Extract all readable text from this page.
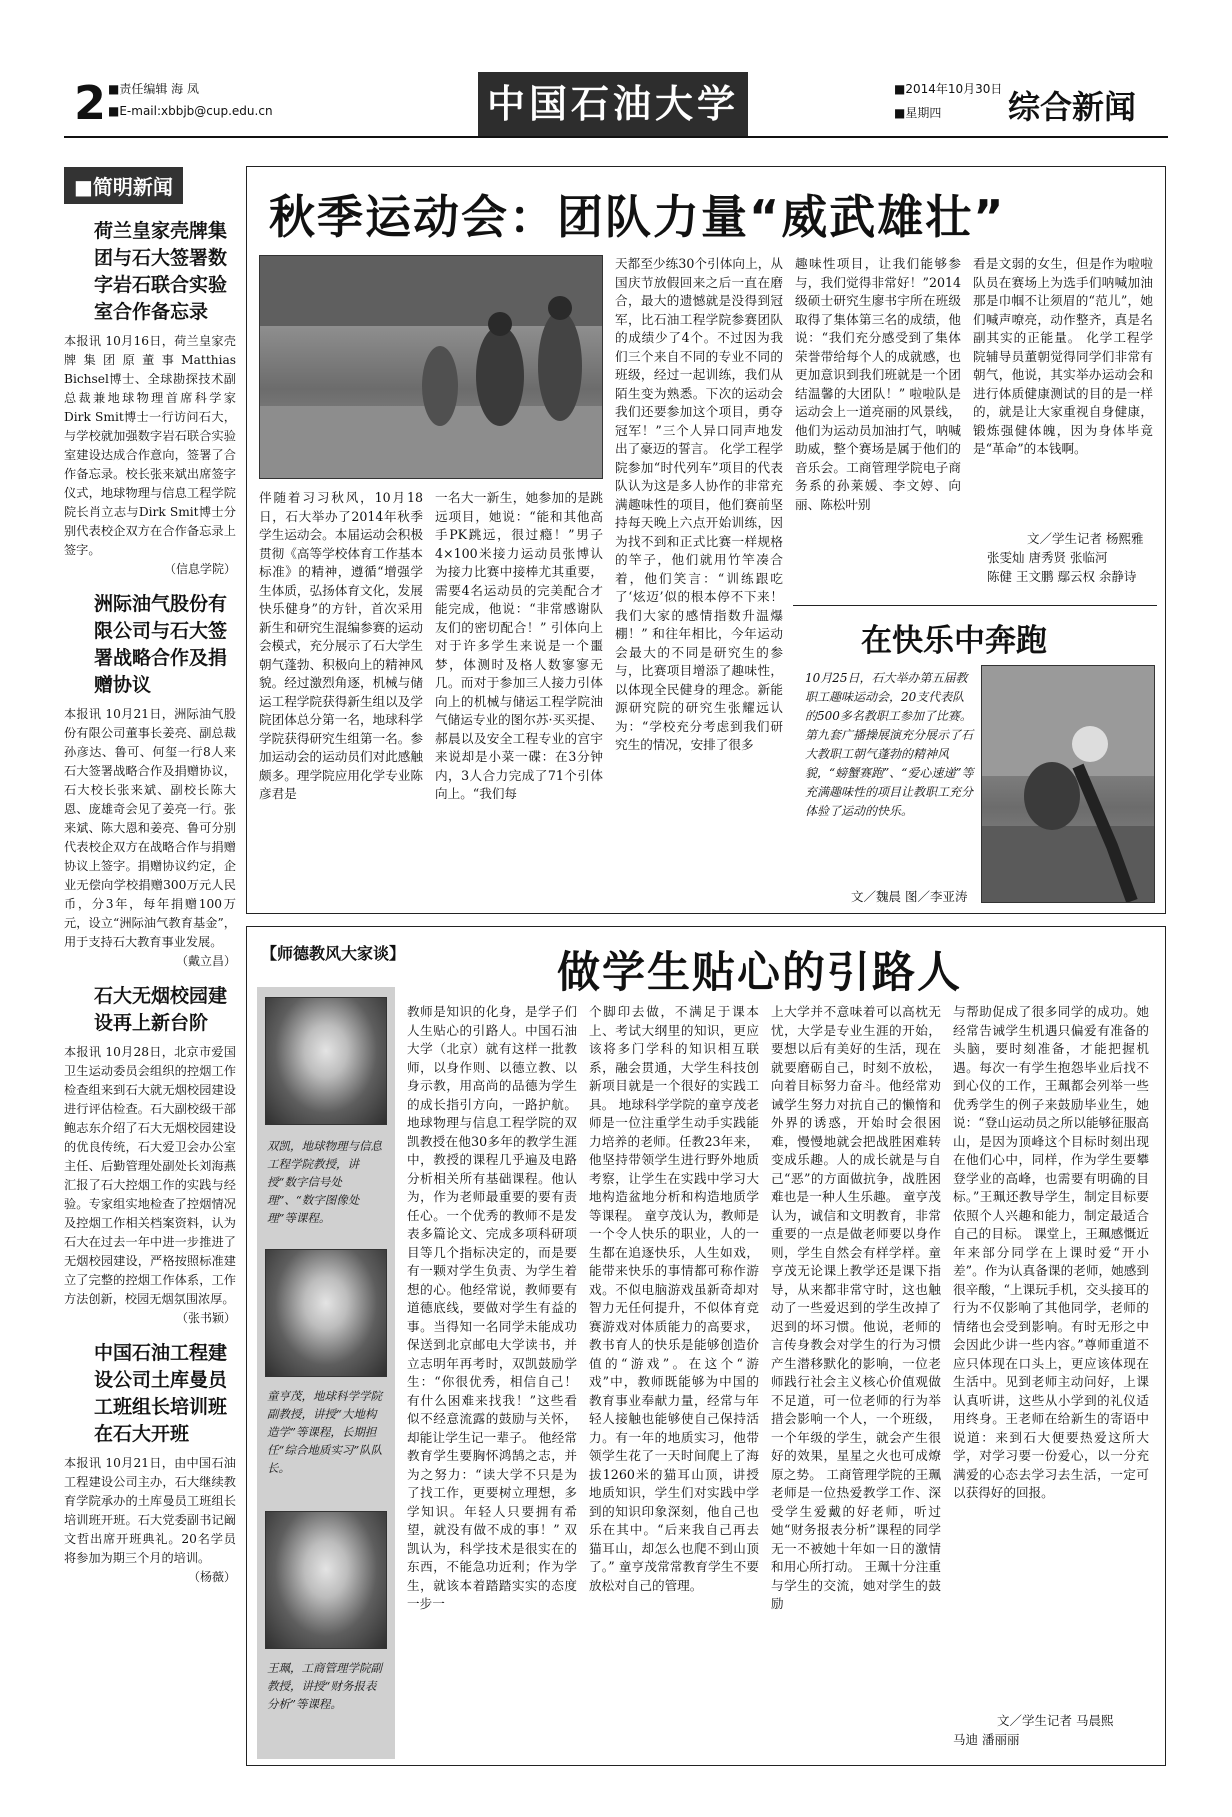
2 ■责任编辑 海 凤
■E-mail:xbbjb@cup.edu.cn	中国石油大学	■2014年10月30日
■星期四 综合新闻
■简明新闻
荷兰皇家壳牌集团与石大签署数字岩石联合实验室合作备忘录
本报讯 10月16日，荷兰皇家壳牌集团原董事Matthias Bichsel博士、全球勘探技术副总裁兼地球物理首席科学家Dirk Smit博士一行访问石大，与学校就加强数字岩石联合实验室建设达成合作意向，签署了合作备忘录。校长张来斌出席签字仪式，地球物理与信息工程学院院长肖立志与Dirk Smit博士分别代表校企双方在合作备忘录上签字。
（信息学院）
洲际油气股份有限公司与石大签署战略合作及捐赠协议
本报讯 10月21日，洲际油气股份有限公司董事长姜亮、副总裁孙彦达、鲁可、何玺一行8人来石大签署战略合作及捐赠协议，石大校长张来斌、副校长陈大恩、庞雄奇会见了姜亮一行。张来斌、陈大恩和姜亮、鲁可分别代表校企双方在战略合作与捐赠协议上签字。捐赠协议约定，企业无偿向学校捐赠300万元人民币，分3年，每年捐赠100万元，设立“洲际油气教育基金”，用于支持石大教育事业发展。
（戴立昌）
石大无烟校园建设再上新台阶
本报讯 10月28日，北京市爱国卫生运动委员会组织的控烟工作检查组来到石大就无烟校园建设进行评估检查。石大副校级干部鲍志东介绍了石大无烟校园建设的优良传统，石大爱卫会办公室主任、后勤管理处副处长刘海燕汇报了石大控烟工作的实践与经验。专家组实地检查了控烟情况及控烟工作相关档案资料，认为石大在过去一年中进一步推进了无烟校园建设，严格按照标准建立了完整的控烟工作体系，工作方法创新，校园无烟氛围浓厚。
（张书颖）
中国石油工程建设公司土库曼员工班组长培训班在石大开班
本报讯 10月21日，由中国石油工程建设公司主办，石大继续教育学院承办的土库曼员工班组长培训班开班。石大党委副书记阚文哲出席开班典礼。20名学员将参加为期三个月的培训。
（杨薇）
秋季运动会：团队力量“威武雄壮”
伴随着习习秋风，10月18日，石大举办了2014年秋季学生运动会。本届运动会积极贯彻《高等学校体育工作基本标准》的精神，遵循“增强学生体质，弘扬体育文化，发展快乐健身”的方针，首次采用新生和研究生混编参赛的运动会模式，充分展示了石大学生朝气蓬勃、积极向上的精神风貌。经过激烈角逐，机械与储运工程学院获得新生组以及学院团体总分第一名，地球科学学院获得研究生组第一名。参加运动会的运动员们对此感触颇多。理学院应用化学专业陈彦君是
一名大一新生，她参加的是跳远项目，她说：“能和其他高手PK跳远，很过瘾！”男子4×100米接力运动员张博认为接力比赛中接棒尤其重要，需要4名运动员的完美配合才能完成，他说：“非常感谢队友们的密切配合！” 引体向上对于许多学生来说是一个噩梦，体测时及格人数寥寥无几。而对于参加三人接力引体向上的机械与储运工程学院油气储运专业的图尔苏·买买提、郝晨以及安全工程专业的宫宇来说却是小菜一碟：在3分钟内，3人合力完成了71个引体向上。“我们每
天都至少练30个引体向上，从国庆节放假回来之后一直在磨合，最大的遗憾就是没得到冠军，比石油工程学院参赛团队的成绩少了4个。不过因为我们三个来自不同的专业不同的班级，经过一起训练，我们从陌生变为熟悉。下次的运动会我们还要参加这个项目，勇夺冠军！”三个人异口同声地发出了豪迈的誓言。 化学工程学院参加“时代列车”项目的代表队认为这是多人协作的非常充满趣味性的项目，他们赛前坚持每天晚上六点开始训练，因为找不到和正式比赛一样规格的竿子，他们就用竹竿凑合着，他们笑言：“训练跟吃了‘炫迈’似的根本停不下来！我们大家的感情指数升温爆棚！” 和往年相比，今年运动会最大的不同是研究生的参与，比赛项目增添了趣味性，以体现全民健身的理念。新能源研究院的研究生张耀远认为：“学校充分考虑到我们研究生的情况，安排了很多
趣味性项目，让我们能够参与，我们觉得非常好！”2014级硕士研究生廖书宇所在班级取得了集体第三名的成绩，他说：“我们充分感受到了集体荣誉带给每个人的成就感，也更加意识到我们班就是一个团结温馨的大团队！” 啦啦队是运动会上一道亮丽的风景线，他们为运动员加油打气，呐喊助威，整个赛场是属于他们的音乐会。工商管理学院电子商务系的孙莱媛、李文婷、向丽、陈松叶别
看是文弱的女生，但是作为啦啦队员在赛场上为选手们呐喊加油那是巾帼不让须眉的“范儿”，她们喊声嘹亮，动作整齐，真是名副其实的正能量。 化学工程学院辅导员董朝觉得同学们非常有朝气，他说，其实举办运动会和进行体质健康测试的目的是一样的，就是让大家重视自身健康，锻炼强健体魄，因为身体毕竟是“革命”的本钱啊。
文／学生记者 杨熙雅
张雯灿 唐秀贤 张临河
陈健 王文鹏 鄢云权 余静诗
在快乐中奔跑
10月25日，石大举办第五届教职工趣味运动会，20支代表队的500多名教职工参加了比赛。第九套广播操展演充分展示了石大教职工朝气蓬勃的精神风貌，“螃蟹赛跑”、“爱心速递”等充满趣味性的项目让教职工充分体验了运动的快乐。
文／魏晨 图／李亚涛
【师德教风大家谈】	做学生贴心的引路人
双凯，地球物理与信息工程学院教授，讲授“数字信号处理”、“数字图像处理”等课程。
童亨茂，地球科学学院副教授，讲授“大地构造学”等课程，长期担任“综合地质实习”队队长。
王珮，工商管理学院副教授，讲授“财务报表分析”等课程。
教师是知识的化身，是学子们人生贴心的引路人。中国石油大学（北京）就有这样一批教师，以身作则、以德立教、以身示教，用高尚的品德为学生的成长指引方向，一路护航。 地球物理与信息工程学院的双凯教授在他30多年的教学生涯中，教授的课程几乎遍及电路分析相关所有基础课程。他认为，作为老师最重要的要有责任心。一个优秀的教师不是发表多篇论文、完成多项科研项目等几个指标决定的，而是要有一颗对学生负责、为学生着想的心。他经常说，教师要有道德底线，要做对学生有益的事。当得知一名同学未能成功保送到北京邮电大学读书，并立志明年再考时，双凯鼓励学生：“你很优秀，相信自己！有什么困难来找我！”这些看似不经意流露的鼓励与关怀，却能让学生记一辈子。 他经常教育学生要胸怀鸿鹄之志，并为之努力：“读大学不只是为了找工作，更要树立理想，多学知识。年轻人只要拥有希望，就没有做不成的事！” 双凯认为，科学技术是很实在的东西，不能急功近利；作为学生，就该本着踏踏实实的态度一步一
个脚印去做，不满足于课本上、考试大纲里的知识，更应该将多门学科的知识相互联系，融会贯通，大学生科技创新项目就是一个很好的实践工具。 地球科学学院的童亨茂老师是一位注重学生动手实践能力培养的老师。任教23年来，他坚持带领学生进行野外地质考察，让学生在实践中学习大地构造盆地分析和构造地质学等课程。 童亨茂认为，教师是一个令人快乐的职业，人的一生都在追逐快乐，人生如戏，能带来快乐的事情都可称作游戏。不似电脑游戏虽新奇却对智力无任何提升，不似体育竞赛游戏对体质能力的高要求，教书育人的快乐是能够创造价值的“游戏”。在这个“游戏”中，教师既能够为中国的教育事业奉献力量，经常与年轻人接触也能够使自己保持活力。有一年的地质实习，他带领学生花了一天时间爬上了海拔1260米的猫耳山顶，讲授地质知识，学生们对实践中学到的知识印象深刻，他自己也乐在其中。“后来我自己再去猫耳山，却怎么也爬不到山顶了。” 童亨茂常常教育学生不要放松对自己的管理。
上大学并不意味着可以高枕无忧，大学是专业生涯的开始，要想以后有美好的生活，现在就要磨砺自己，时刻不放松，向着目标努力奋斗。他经常劝诫学生努力对抗自己的懒惰和外界的诱惑，开始时会很困难，慢慢地就会把战胜困难转变成乐趣。人的成长就是与自己“恶”的方面做抗争，战胜困难也是一种人生乐趣。 童亨茂认为，诚信和文明教育，非常重要的一点是做老师要以身作则，学生自然会有样学样。童亨茂无论课上教学还是课下指导，从来都非常守时，这也触动了一些爱迟到的学生改掉了迟到的坏习惯。他说，老师的言传身教会对学生的行为习惯产生潜移默化的影响，一位老师践行社会主义核心价值观做不足道，可一位老师的行为举措会影响一个人，一个班级，一个年级的学生，就会产生很好的效果，星星之火也可成燎原之势。 工商管理学院的王珮老师是一位热爱教学工作、深受学生爱戴的好老师，听过她“财务报表分析”课程的同学无一不被她十年如一日的激情和用心所打动。 王珮十分注重与学生的交流，她对学生的鼓励
与帮助促成了很多同学的成功。她经常告诫学生机遇只偏爱有准备的头脑，要时刻准备，才能把握机遇。每次一有学生抱怨毕业后找不到心仪的工作，王珮都会列举一些优秀学生的例子来鼓励毕业生，她说：“登山运动员之所以能够征服高山，是因为顶峰这个目标时刻出现在他们心中，同样，作为学生要攀登学业的高峰，也需要有明确的目标。”王珮还教导学生，制定目标要依照个人兴趣和能力，制定最适合自己的目标。 课堂上，王珮感慨近年来部分同学在上课时爱“开小差”。作为认真备课的老师，她感到很辛酸，“上课玩手机，交头接耳的行为不仅影响了其他同学，老师的情绪也会受到影响。有时无形之中会因此少讲一些内容。”尊师重道不应只体现在口头上，更应该体现在生活中。见到老师主动问好，上课认真听讲，这些从小学到的礼仪适用终身。王老师在给新生的寄语中说道：来到石大便要热爱这所大学，对学习要一份爱心，以一分充满爱的心态去学习去生活，一定可以获得好的回报。
文／学生记者 马晨熙
马迪 潘丽丽
